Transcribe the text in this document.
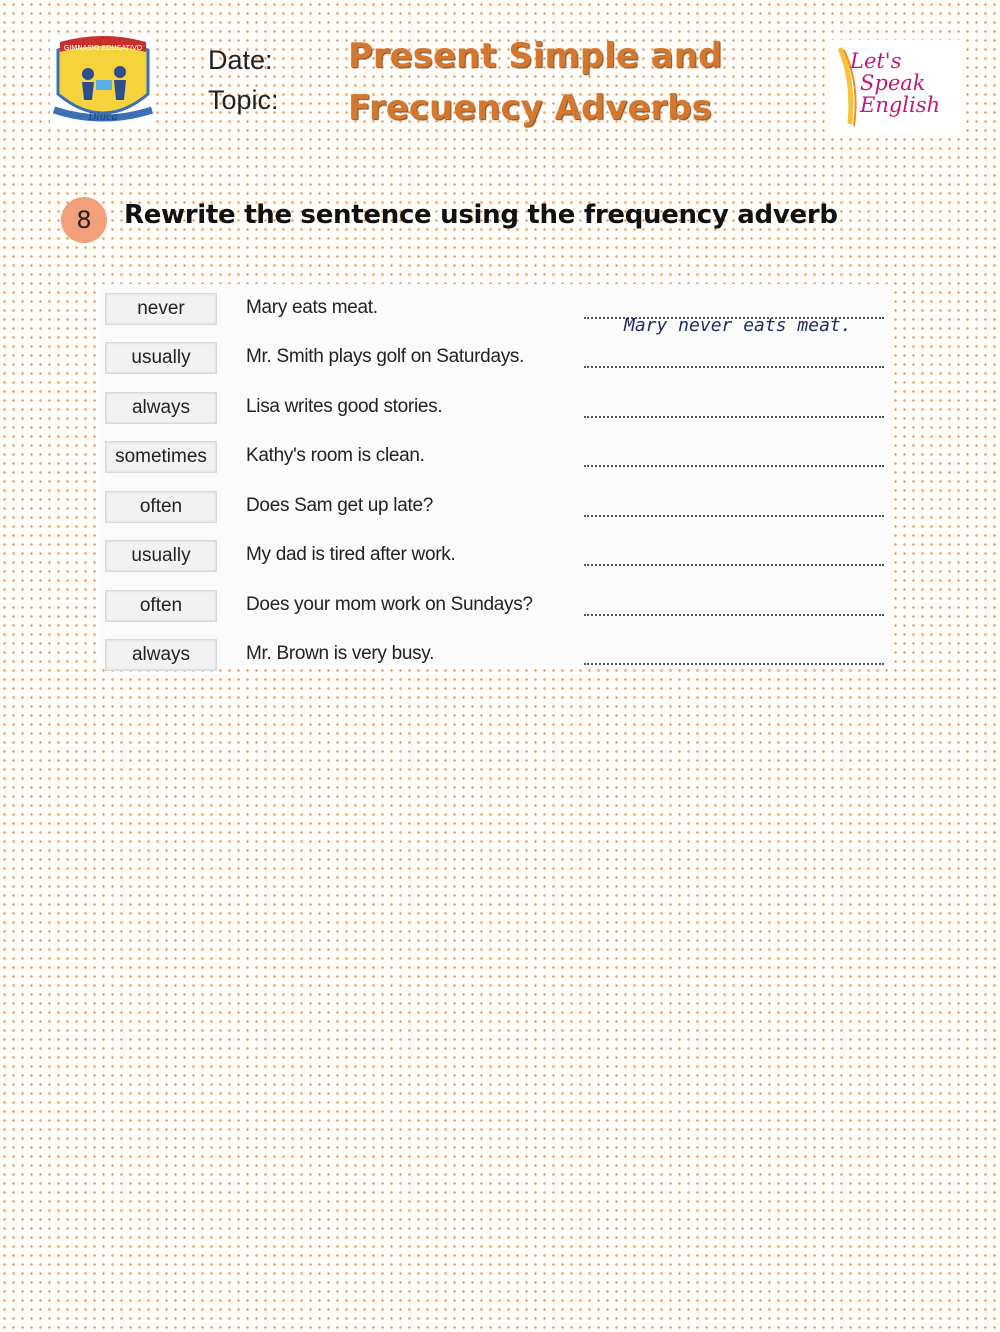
GIMNASIO EDUCATIVO
Diuca
Date:
Topic:
Present Simple and
Frecuency Adverbs
Let's
Speak
English
8	Rewrite the sentence using the frequency adverb
never	Mary eats meat.
Mary never eats meat.
usually	Mr. Smith plays golf on Saturdays.
always	Lisa writes good stories.
sometimes	Kathy's room is clean.
often	Does Sam get up late?
usually	My dad is tired after work.
often	Does your mom work on Sundays?
always	Mr. Brown is very busy.
